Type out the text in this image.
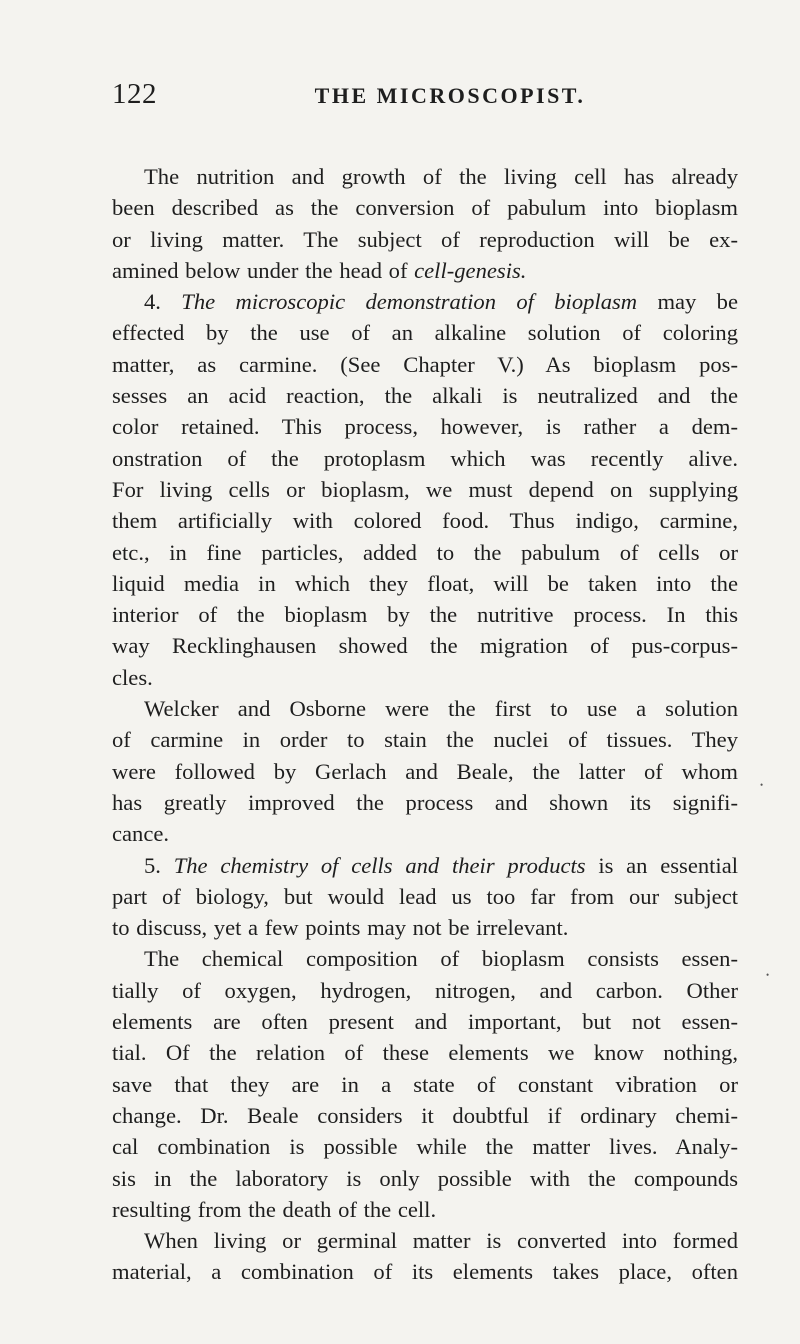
122	THE MICROSCOPIST.
The nutrition and growth of the living cell has already
been described as the conversion of pabulum into bioplasm
or living matter. The subject of reproduction will be ex-
amined below under the head of cell-genesis.
4. The microscopic demonstration of bioplasm may be
effected by the use of an alkaline solution of coloring
matter, as carmine. (See Chapter V.) As bioplasm pos-
sesses an acid reaction, the alkali is neutralized and the
color retained. This process, however, is rather a dem-
onstration of the protoplasm which was recently alive.
For living cells or bioplasm, we must depend on supplying
them artificially with colored food. Thus indigo, carmine,
etc., in fine particles, added to the pabulum of cells or
liquid media in which they float, will be taken into the
interior of the bioplasm by the nutritive process. In this
way Recklinghausen showed the migration of pus-corpus-
cles.
Welcker and Osborne were the first to use a solution
of carmine in order to stain the nuclei of tissues. They
were followed by Gerlach and Beale, the latter of whom
has greatly improved the process and shown its signifi-
cance.
5. The chemistry of cells and their products is an essential
part of biology, but would lead us too far from our subject
to discuss, yet a few points may not be irrelevant.
The chemical composition of bioplasm consists essen-
tially of oxygen, hydrogen, nitrogen, and carbon. Other
elements are often present and important, but not essen-
tial. Of the relation of these elements we know nothing,
save that they are in a state of constant vibration or
change. Dr. Beale considers it doubtful if ordinary chemi-
cal combination is possible while the matter lives. Analy-
sis in the laboratory is only possible with the compounds
resulting from the death of the cell.
When living or germinal matter is converted into formed
material, a combination of its elements takes place, often
•
•
